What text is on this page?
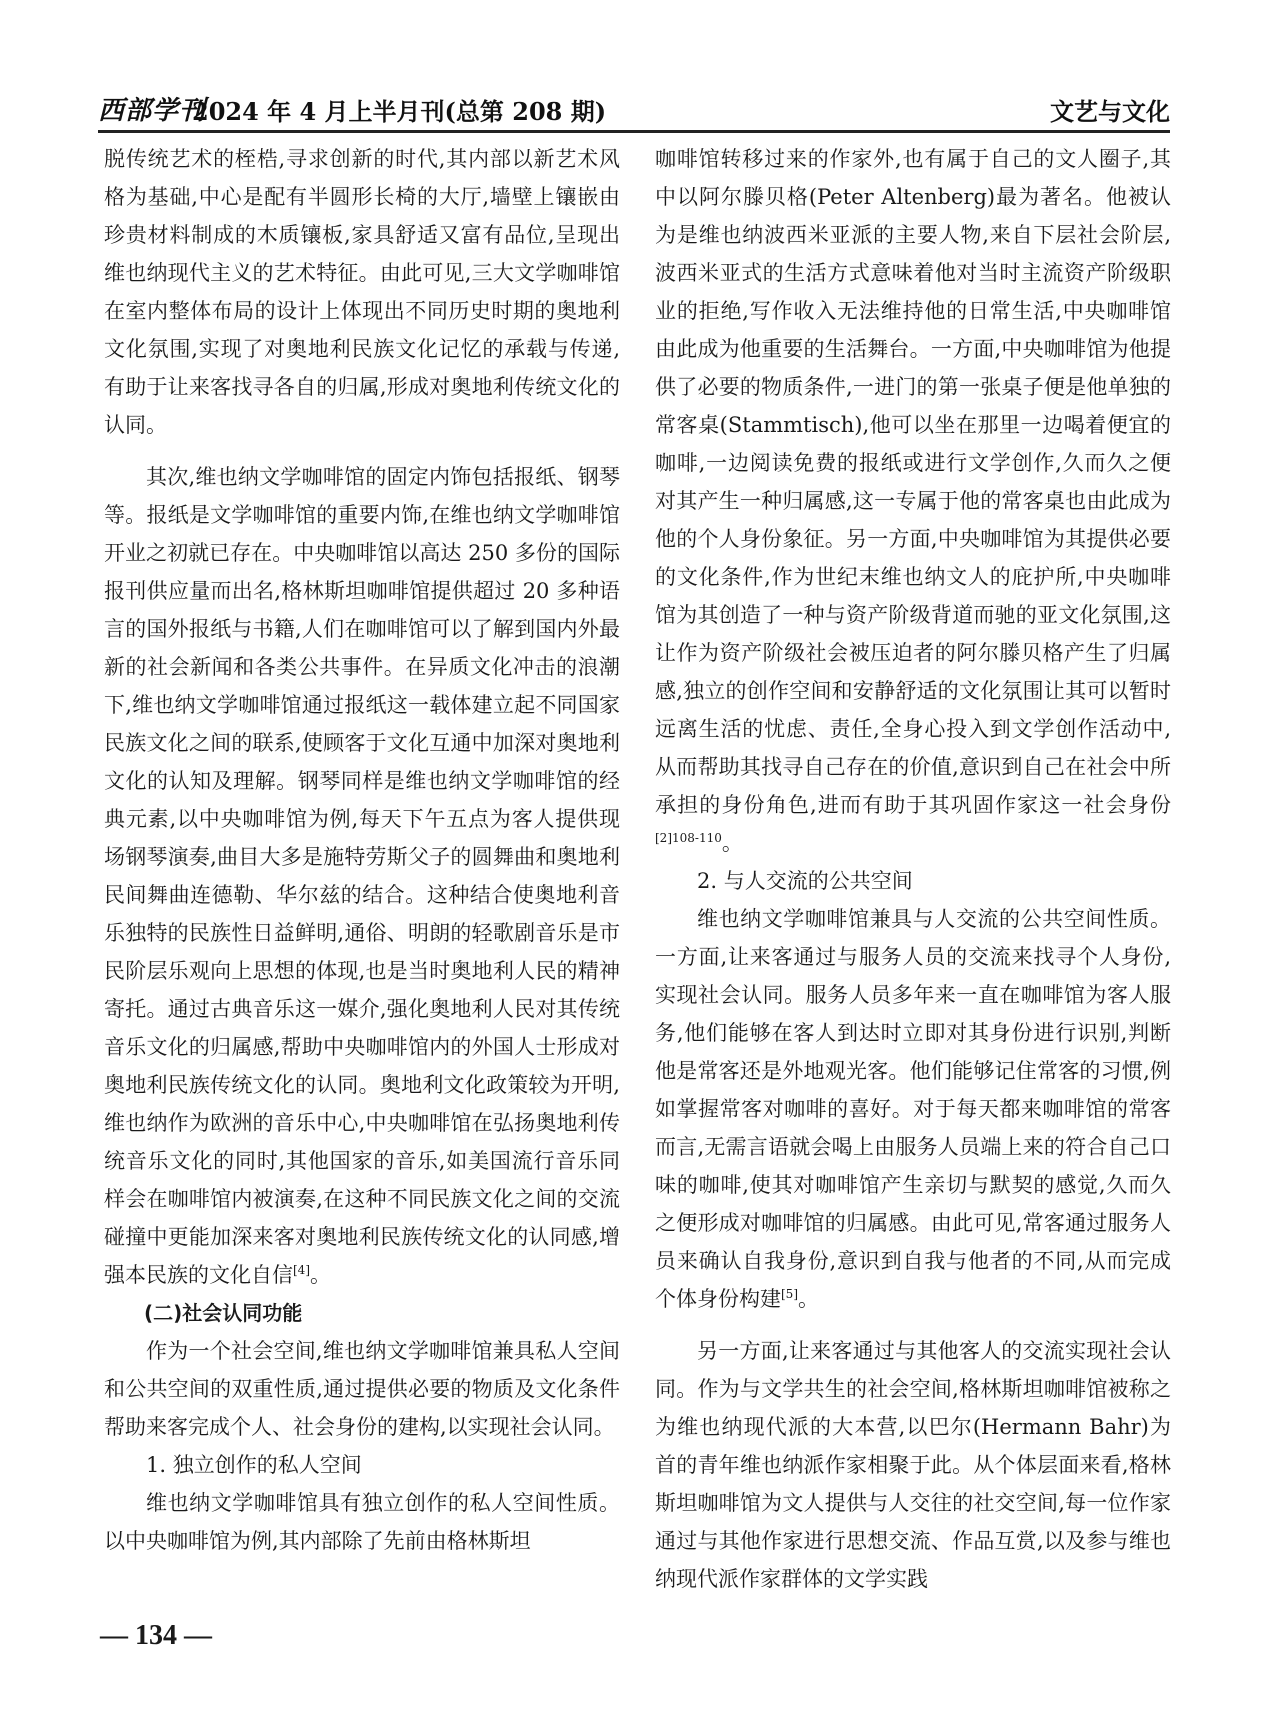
西部学刊
2024 年 4 月上半月刊(总第 208 期)	文艺与文化

脱传统艺术的桎梏,寻求创新的时代,其内部以新艺术风格为基础,中心是配有半圆形长椅的大厅,墙壁上镶嵌由珍贵材料制成的木质镶板,家具舒适又富有品位,呈现出维也纳现代主义的艺术特征。由此可见,三大文学咖啡馆在室内整体布局的设计上体现出不同历史时期的奥地利文化氛围,实现了对奥地利民族文化记忆的承载与传递,有助于让来客找寻各自的归属,形成对奥地利传统文化的认同。

其次,维也纳文学咖啡馆的固定内饰包括报纸、钢琴等。报纸是文学咖啡馆的重要内饰,在维也纳文学咖啡馆开业之初就已存在。中央咖啡馆以高达 250 多份的国际报刊供应量而出名,格林斯坦咖啡馆提供超过 20 多种语言的国外报纸与书籍,人们在咖啡馆可以了解到国内外最新的社会新闻和各类公共事件。在异质文化冲击的浪潮下,维也纳文学咖啡馆通过报纸这一载体建立起不同国家民族文化之间的联系,使顾客于文化互通中加深对奥地利文化的认知及理解。钢琴同样是维也纳文学咖啡馆的经典元素,以中央咖啡馆为例,每天下午五点为客人提供现场钢琴演奏,曲目大多是施特劳斯父子的圆舞曲和奥地利民间舞曲连德勒、华尔兹的结合。这种结合使奥地利音乐独特的民族性日益鲜明,通俗、明朗的轻歌剧音乐是市民阶层乐观向上思想的体现,也是当时奥地利人民的精神寄托。通过古典音乐这一媒介,强化奥地利人民对其传统音乐文化的归属感,帮助中央咖啡馆内的外国人士形成对奥地利民族传统文化的认同。奥地利文化政策较为开明,维也纳作为欧洲的音乐中心,中央咖啡馆在弘扬奥地利传统音乐文化的同时,其他国家的音乐,如美国流行音乐同样会在咖啡馆内被演奏,在这种不同民族文化之间的交流碰撞中更能加深来客对奥地利民族传统文化的认同感,增强本民族的文化自信[4]。

(二)社会认同功能

作为一个社会空间,维也纳文学咖啡馆兼具私人空间和公共空间的双重性质,通过提供必要的物质及文化条件帮助来客完成个人、社会身份的建构,以实现社会认同。

1. 独立创作的私人空间

维也纳文学咖啡馆具有独立创作的私人空间性质。以中央咖啡馆为例,其内部除了先前由格林斯坦

咖啡馆转移过来的作家外,也有属于自己的文人圈子,其中以阿尔滕贝格(Peter Altenberg)最为著名。他被认为是维也纳波西米亚派的主要人物,来自下层社会阶层,波西米亚式的生活方式意味着他对当时主流资产阶级职业的拒绝,写作收入无法维持他的日常生活,中央咖啡馆由此成为他重要的生活舞台。一方面,中央咖啡馆为他提供了必要的物质条件,一进门的第一张桌子便是他单独的常客桌(Stammtisch),他可以坐在那里一边喝着便宜的咖啡,一边阅读免费的报纸或进行文学创作,久而久之便对其产生一种归属感,这一专属于他的常客桌也由此成为他的个人身份象征。另一方面,中央咖啡馆为其提供必要的文化条件,作为世纪末维也纳文人的庇护所,中央咖啡馆为其创造了一种与资产阶级背道而驰的亚文化氛围,这让作为资产阶级社会被压迫者的阿尔滕贝格产生了归属感,独立的创作空间和安静舒适的文化氛围让其可以暂时远离生活的忧虑、责任,全身心投入到文学创作活动中,从而帮助其找寻自己存在的价值,意识到自己在社会中所承担的身份角色,进而有助于其巩固作家这一社会身份$^{[2]108-110}$。

2. 与人交流的公共空间

维也纳文学咖啡馆兼具与人交流的公共空间性质。一方面,让来客通过与服务人员的交流来找寻个人身份,实现社会认同。服务人员多年来一直在咖啡馆为客人服务,他们能够在客人到达时立即对其身份进行识别,判断他是常客还是外地观光客。他们能够记住常客的习惯,例如掌握常客对咖啡的喜好。对于每天都来咖啡馆的常客而言,无需言语就会喝上由服务人员端上来的符合自己口味的咖啡,使其对咖啡馆产生亲切与默契的感觉,久而久之便形成对咖啡馆的归属感。由此可见,常客通过服务人员来确认自我身份,意识到自我与他者的不同,从而完成个体身份构建[5]。

另一方面,让来客通过与其他客人的交流实现社会认同。作为与文学共生的社会空间,格林斯坦咖啡馆被称之为维也纳现代派的大本营,以巴尔(Hermann Bahr)为首的青年维也纳派作家相聚于此。从个体层面来看,格林斯坦咖啡馆为文人提供与人交往的社交空间,每一位作家通过与其他作家进行思想交流、作品互赏,以及参与维也纳现代派作家群体的文学实践

— 134 —
